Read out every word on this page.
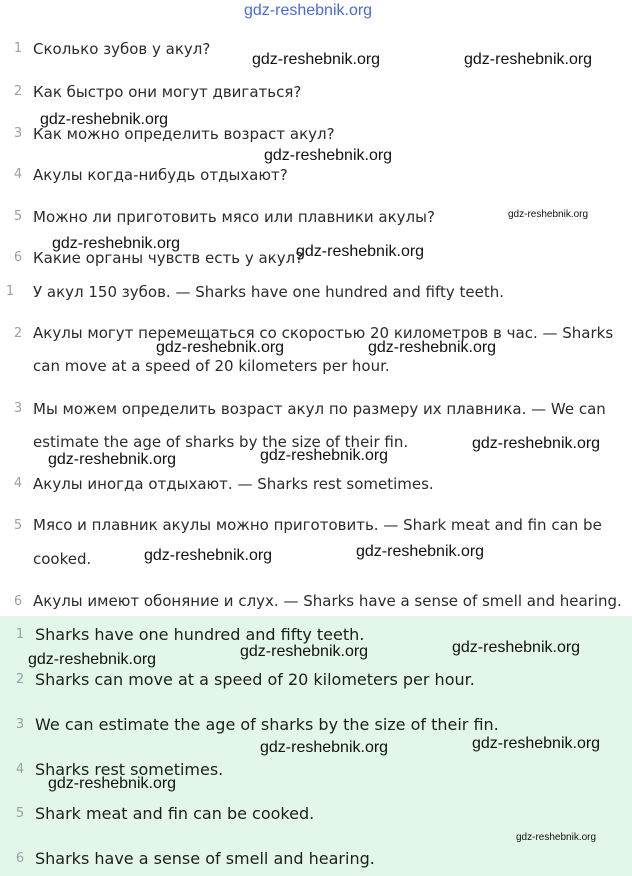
gdz-reshebnik.org
1 Сколько зубов у акул?
2 Как быстро они могут двигаться?
3 Как можно определить возраст акул?
4 Акулы когда-нибудь отдыхают?
5 Можно ли приготовить мясо или плавники акулы?
6 Какие органы чувств есть у акул?
1	У акул 150 зубов. — Sharks have one hundred and fifty teeth.
2 Акулы могут перемещаться со скоростью 20 километров в час. — Sharks
can move at a speed of 20 kilometers per hour.
3 Мы можем определить возраст акул по размеру их плавника. — We can
estimate the age of sharks by the size of their fin.
4 Акулы иногда отдыхают. — Sharks rest sometimes.
5 Мясо и плавник акулы можно приготовить. — Shark meat and fin can be
cooked.
6 Акулы имеют обоняние и слух. — Sharks have a sense of smell and hearing.
1 Sharks have one hundred and fifty teeth.
2 Sharks can move at a speed of 20 kilometers per hour.
3 We can estimate the age of sharks by the size of their fin.
4 Sharks rest sometimes.
5 Shark meat and fin can be cooked.
6 Sharks have a sense of smell and hearing.
gdz-reshebnik.org	gdz-reshebnik.org
gdz-reshebnik.org
gdz-reshebnik.org
gdz-reshebnik.org
gdz-reshebnik.org	gdz-reshebnik.org
gdz-reshebnik.org	gdz-reshebnik.org
gdz-reshebnik.org
gdz-reshebnik.org
gdz-reshebnik.org
gdz-reshebnik.org
gdz-reshebnik.org
gdz-reshebnik.org
gdz-reshebnik.org
gdz-reshebnik.org
gdz-reshebnik.org
gdz-reshebnik.org
gdz-reshebnik.org
gdz-reshebnik.org
